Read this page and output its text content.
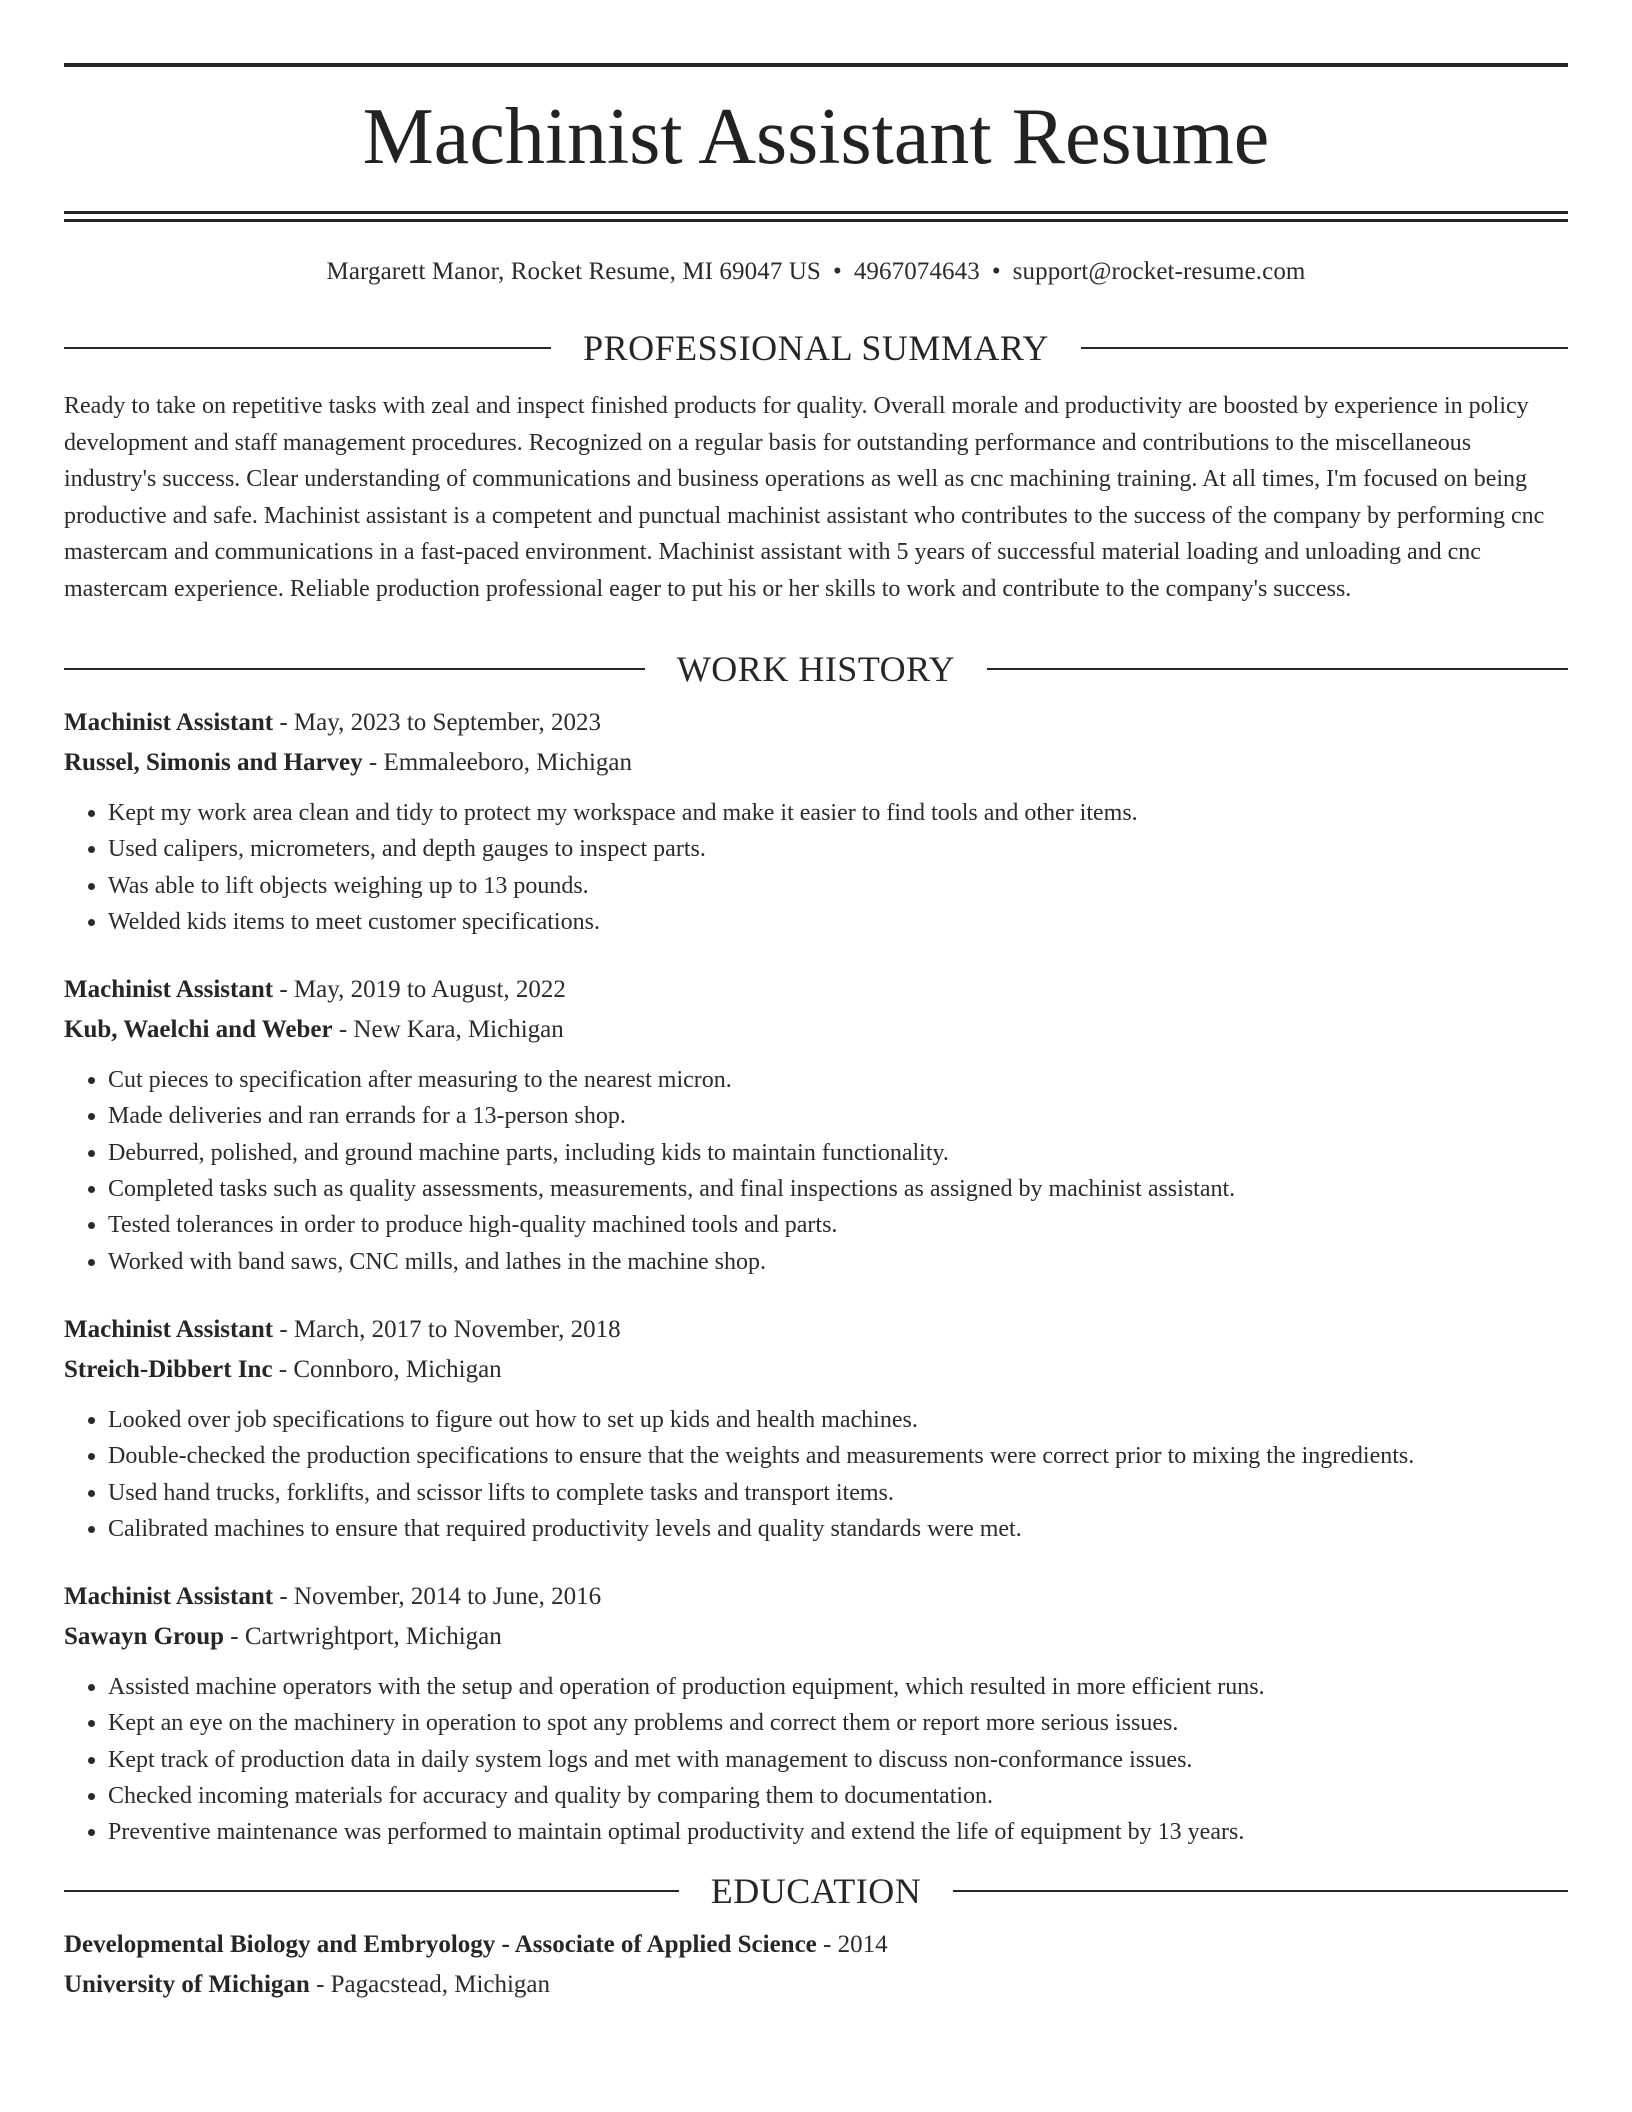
Machinist Assistant Resume
Margarett Manor, Rocket Resume, MI 69047 US • 4967074643 • support@rocket-resume.com
PROFESSIONAL SUMMARY
Ready to take on repetitive tasks with zeal and inspect finished products for quality. Overall morale and productivity are boosted by experience in policy development and staff management procedures. Recognized on a regular basis for outstanding performance and contributions to the miscellaneous industry's success. Clear understanding of communications and business operations as well as cnc machining training. At all times, I'm focused on being productive and safe. Machinist assistant is a competent and punctual machinist assistant who contributes to the success of the company by performing cnc mastercam and communications in a fast-paced environment. Machinist assistant with 5 years of successful material loading and unloading and cnc mastercam experience. Reliable production professional eager to put his or her skills to work and contribute to the company's success.
WORK HISTORY
Machinist Assistant - May, 2023 to September, 2023
Russel, Simonis and Harvey - Emmaleeboro, Michigan
• Kept my work area clean and tidy to protect my workspace and make it easier to find tools and other items.
• Used calipers, micrometers, and depth gauges to inspect parts.
• Was able to lift objects weighing up to 13 pounds.
• Welded kids items to meet customer specifications.
Machinist Assistant - May, 2019 to August, 2022
Kub, Waelchi and Weber - New Kara, Michigan
• Cut pieces to specification after measuring to the nearest micron.
• Made deliveries and ran errands for a 13-person shop.
• Deburred, polished, and ground machine parts, including kids to maintain functionality.
• Completed tasks such as quality assessments, measurements, and final inspections as assigned by machinist assistant.
• Tested tolerances in order to produce high-quality machined tools and parts.
• Worked with band saws, CNC mills, and lathes in the machine shop.
Machinist Assistant - March, 2017 to November, 2018
Streich-Dibbert Inc - Connboro, Michigan
• Looked over job specifications to figure out how to set up kids and health machines.
• Double-checked the production specifications to ensure that the weights and measurements were correct prior to mixing the ingredients.
• Used hand trucks, forklifts, and scissor lifts to complete tasks and transport items.
• Calibrated machines to ensure that required productivity levels and quality standards were met.
Machinist Assistant - November, 2014 to June, 2016
Sawayn Group - Cartwrightport, Michigan
• Assisted machine operators with the setup and operation of production equipment, which resulted in more efficient runs.
• Kept an eye on the machinery in operation to spot any problems and correct them or report more serious issues.
• Kept track of production data in daily system logs and met with management to discuss non-conformance issues.
• Checked incoming materials for accuracy and quality by comparing them to documentation.
• Preventive maintenance was performed to maintain optimal productivity and extend the life of equipment by 13 years.
EDUCATION
Developmental Biology and Embryology - Associate of Applied Science - 2014
University of Michigan - Pagacstead, Michigan
